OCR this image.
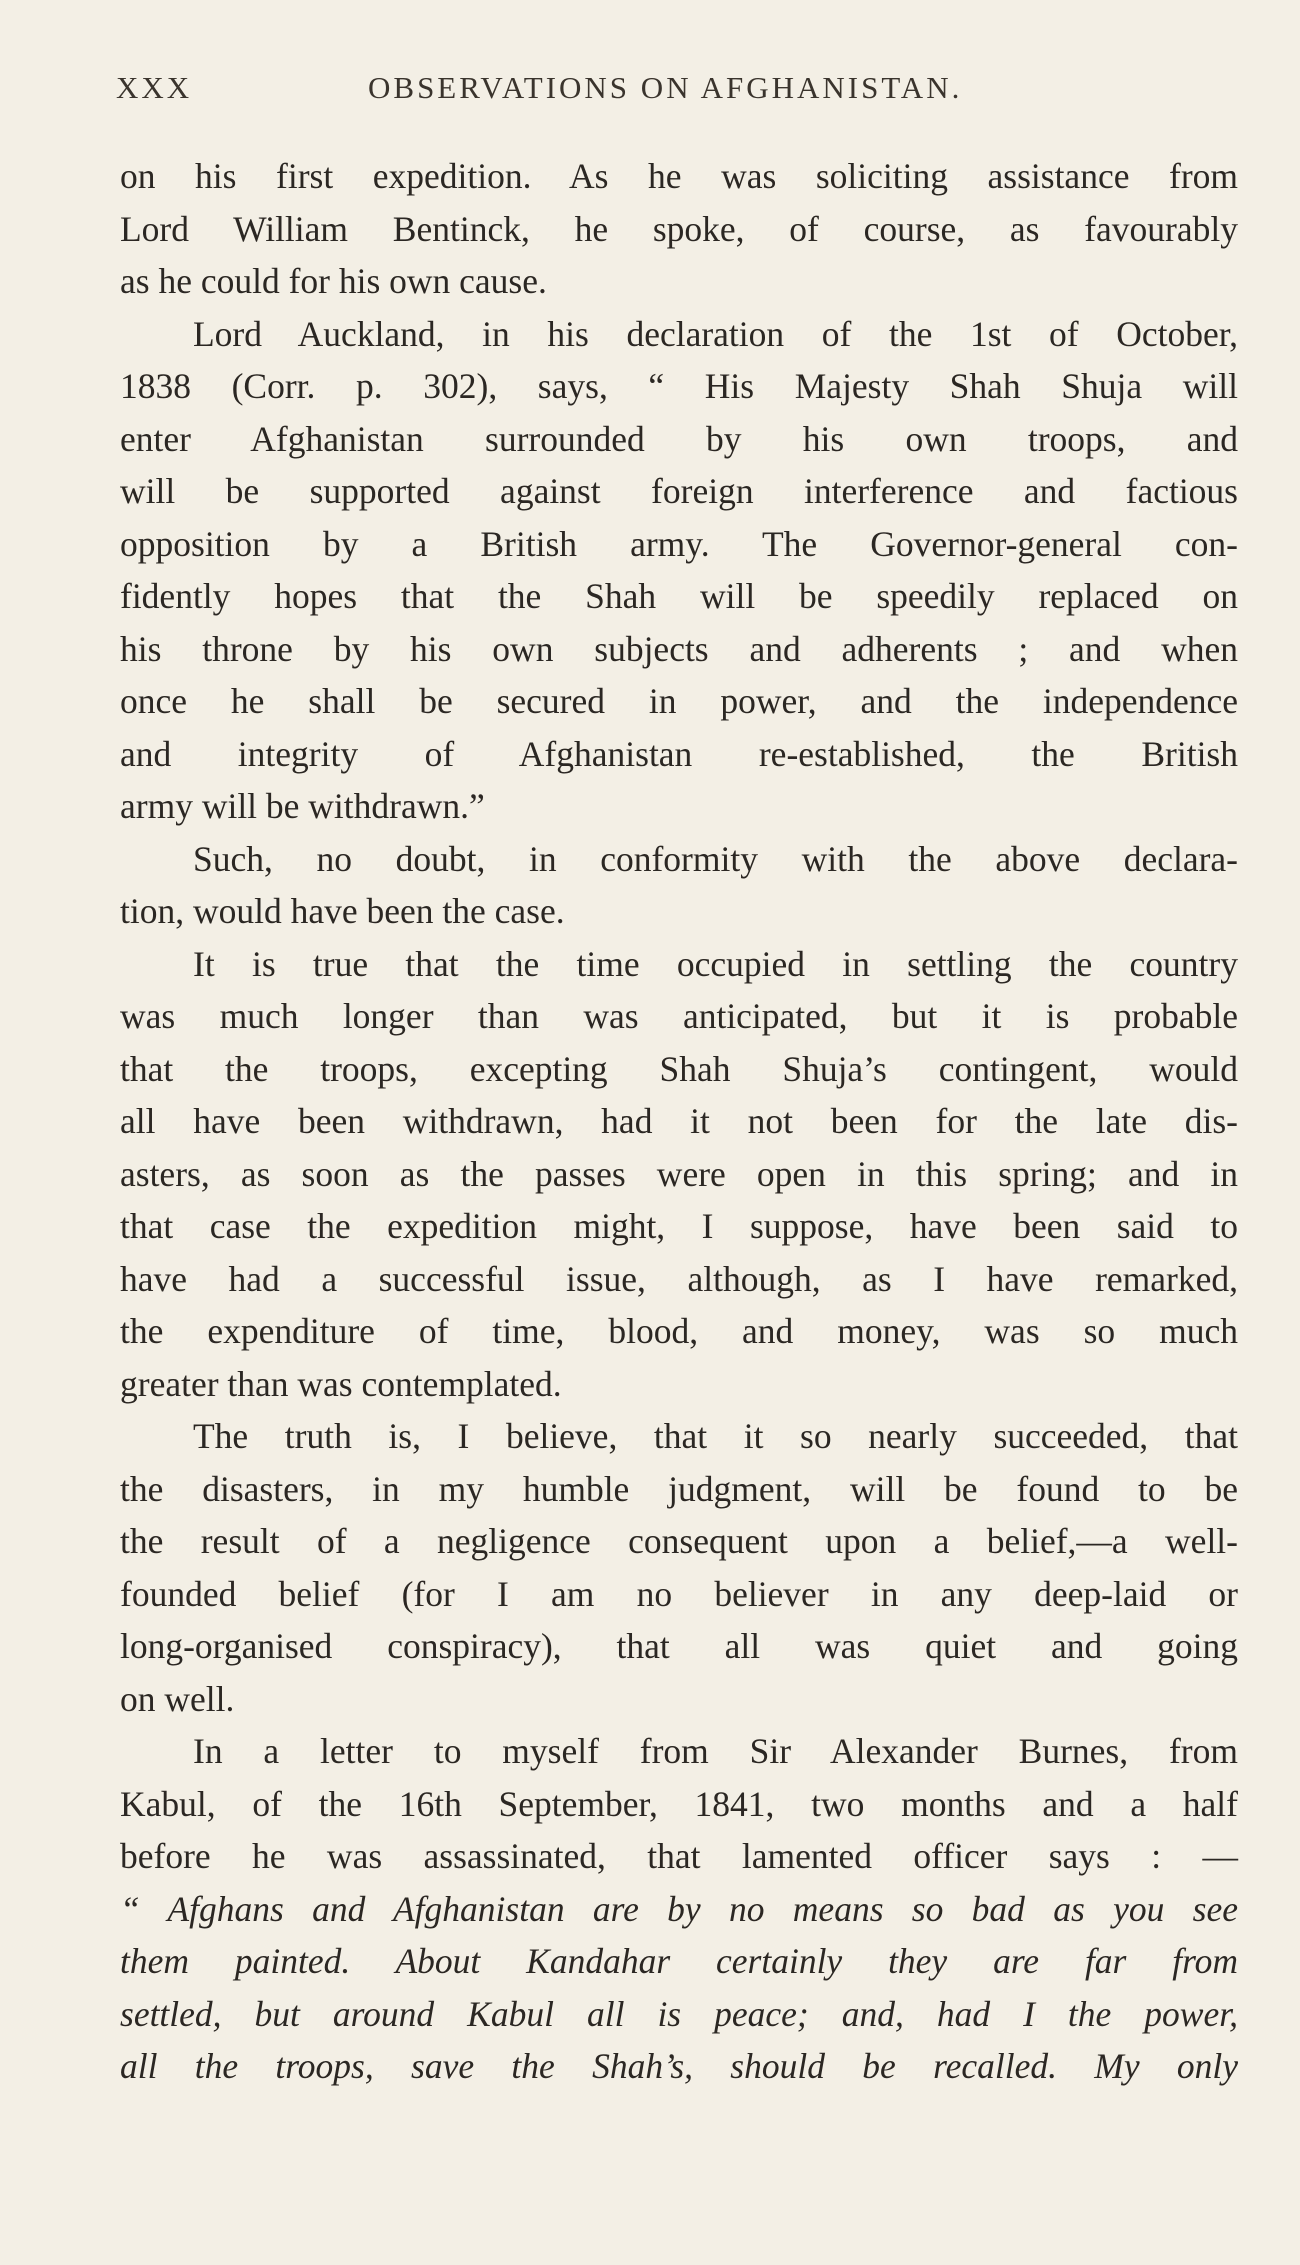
XXX	OBSERVATIONS ON AFGHANISTAN.
on his first expedition. As he was soliciting assistance from
Lord William Bentinck, he spoke, of course, as favourably
as he could for his own cause.
Lord Auckland, in his declaration of the 1st of October,
1838 (Corr. p. 302), says, “ His Majesty Shah Shuja will
enter Afghanistan surrounded by his own troops, and
will be supported against foreign interference and factious
opposition by a British army. The Governor-general con-
fidently hopes that the Shah will be speedily replaced on
his throne by his own subjects and adherents ; and when
once he shall be secured in power, and the independence
and integrity of Afghanistan re-established, the British
army will be withdrawn.”
Such, no doubt, in conformity with the above declara-
tion, would have been the case.
It is true that the time occupied in settling the country
was much longer than was anticipated, but it is probable
that the troops, excepting Shah Shuja’s contingent, would
all have been withdrawn, had it not been for the late dis-
asters, as soon as the passes were open in this spring; and in
that case the expedition might, I suppose, have been said to
have had a successful issue, although, as I have remarked,
the expenditure of time, blood, and money, was so much
greater than was contemplated.
The truth is, I believe, that it so nearly succeeded, that
the disasters, in my humble judgment, will be found to be
the result of a negligence consequent upon a belief,—a well-
founded belief (for I am no believer in any deep-laid or
long-organised conspiracy), that all was quiet and going
on well.
In a letter to myself from Sir Alexander Burnes, from
Kabul, of the 16th September, 1841, two months and a half
before he was assassinated, that lamented officer says : —
“ Afghans and Afghanistan are by no means so bad as you see
them painted. About Kandahar certainly they are far from
settled, but around Kabul all is peace; and, had I the power,
all the troops, save the Shah’s, should be recalled. My only
